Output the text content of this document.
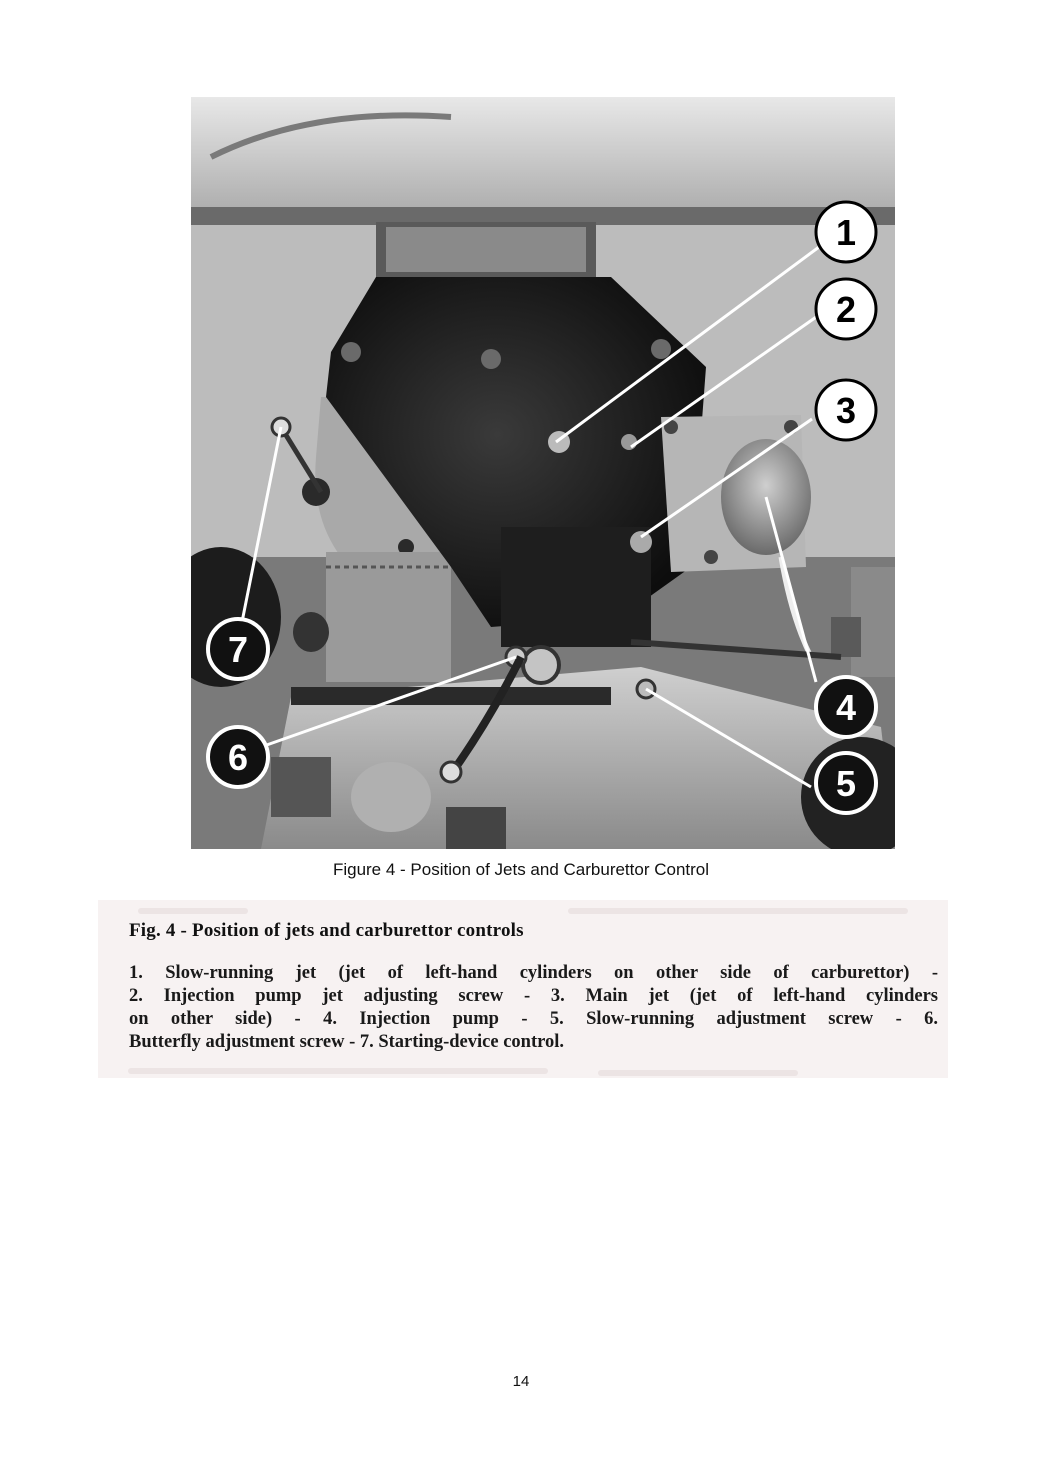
1
2
3
4
5
6
7
Figure 4 - Position of Jets and Carburettor Control
Fig. 4 - Position of jets and carburettor controls
1. Slow-running jet (jet of left-hand cylinders on other side of carburettor) -
2. Injection pump jet adjusting screw - 3. Main jet (jet of left-hand cylinders
on other side) - 4. Injection pump - 5. Slow-running adjustment screw - 6.
Butterfly adjustment screw - 7. Starting-device control.
14
